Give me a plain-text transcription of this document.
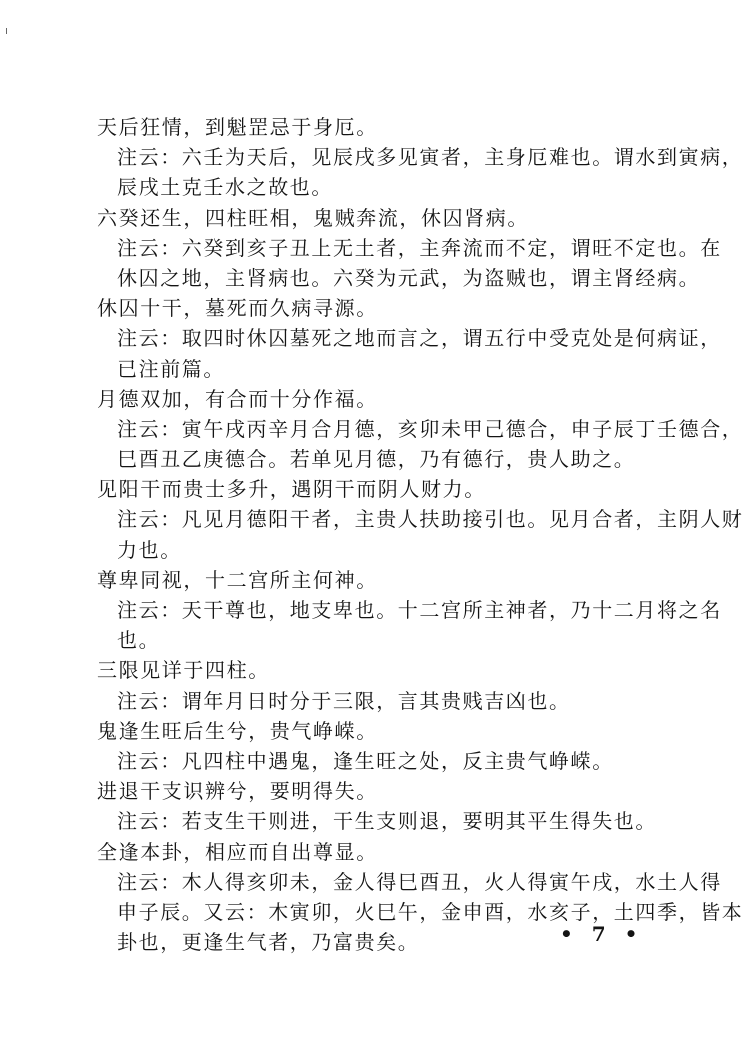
天后狂情，到魁罡忌于身厄。
注云：六壬为天后，见辰戌多见寅者，主身厄难也。谓水到寅病，
辰戌土克壬水之故也。
六癸还生，四柱旺相，鬼贼奔流，休囚肾病。
注云：六癸到亥子丑上无土者，主奔流而不定，谓旺不定也。在
休囚之地，主肾病也。六癸为元武，为盗贼也，谓主肾经病。
休囚十干，墓死而久病寻源。
注云：取四时休囚墓死之地而言之，谓五行中受克处是何病证，
已注前篇。
月德双加，有合而十分作福。
注云：寅午戌丙辛月合月德，亥卯未甲己德合，申子辰丁壬德合，
巳酉丑乙庚德合。若单见月德，乃有德行，贵人助之。
见阳干而贵士多升，遇阴干而阴人财力。
注云：凡见月德阳干者，主贵人扶助接引也。见月合者，主阴人财
力也。
尊卑同视，十二宫所主何神。
注云：天干尊也，地支卑也。十二宫所主神者，乃十二月将之名
也。
三限见详于四柱。
注云：谓年月日时分于三限，言其贵贱吉凶也。
鬼逢生旺后生兮，贵气峥嵘。
注云：凡四柱中遇鬼，逢生旺之处，反主贵气峥嵘。
进退干支识辨兮，要明得失。
注云：若支生干则进，干生支则退，要明其平生得失也。
全逢本卦，相应而自出尊显。
注云：木人得亥卯未，金人得巳酉丑，火人得寅午戌，水土人得
申子辰。又云：木寅卯，火巳午，金申酉，水亥子，土四季，皆本
卦也，更逢生气者，乃富贵矣。	• 7 •
